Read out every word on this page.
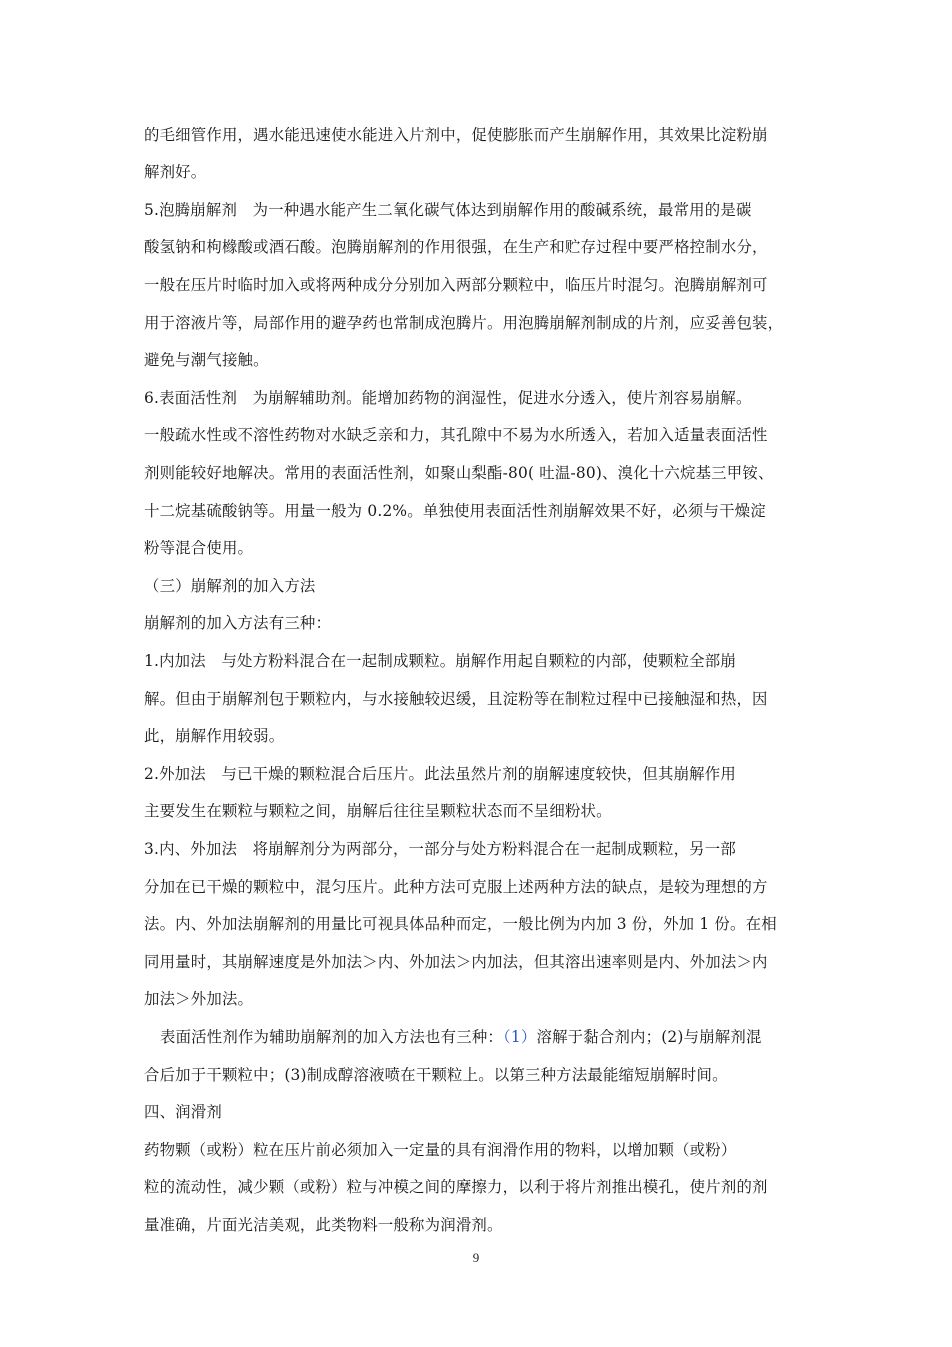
的毛细管作用，遇水能迅速使水能进入片剂中，促使膨胀而产生崩解作用，其效果比淀粉崩
解剂好。
5.泡腾崩解剂　为一种遇水能产生二氧化碳气体达到崩解作用的酸碱系统，最常用的是碳
酸氢钠和枸橼酸或酒石酸。泡腾崩解剂的作用很强，在生产和贮存过程中要严格控制水分，
一般在压片时临时加入或将两种成分分别加入两部分颗粒中，临压片时混匀。泡腾崩解剂可
用于溶液片等，局部作用的避孕药也常制成泡腾片。用泡腾崩解剂制成的片剂，应妥善包装，
避免与潮气接触。
6.表面活性剂　为崩解辅助剂。能增加药物的润湿性，促进水分透入，使片剂容易崩解。
一般疏水性或不溶性药物对水缺乏亲和力，其孔隙中不易为水所透入，若加入适量表面活性
剂则能较好地解决。常用的表面活性剂，如聚山梨酯-80( 吐温-80)、溴化十六烷基三甲铵、
十二烷基硫酸钠等。用量一般为 0.2%。单独使用表面活性剂崩解效果不好，必须与干燥淀
粉等混合使用。
（三）崩解剂的加入方法
崩解剂的加入方法有三种：
1.内加法　与处方粉料混合在一起制成颗粒。崩解作用起自颗粒的内部，使颗粒全部崩
解。但由于崩解剂包于颗粒内，与水接触较迟缓，且淀粉等在制粒过程中已接触湿和热，因
此，崩解作用较弱。
2.外加法　与已干燥的颗粒混合后压片。此法虽然片剂的崩解速度较快，但其崩解作用
主要发生在颗粒与颗粒之间，崩解后往往呈颗粒状态而不呈细粉状。
3.内、外加法　将崩解剂分为两部分，一部分与处方粉料混合在一起制成颗粒，另一部
分加在已干燥的颗粒中，混匀压片。此种方法可克服上述两种方法的缺点，是较为理想的方
法。内、外加法崩解剂的用量比可视具体品种而定，一般比例为内加 3 份，外加 1 份。在相
同用量时，其崩解速度是外加法＞内、外加法＞内加法，但其溶出速率则是内、外加法＞内
加法＞外加法。
表面活性剂作为辅助崩解剂的加入方法也有三种：（1）溶解于黏合剂内；(2)与崩解剂混
合后加于干颗粒中；(3)制成醇溶液喷在干颗粒上。以第三种方法最能缩短崩解时间。
四、润滑剂
药物颗（或粉）粒在压片前必须加入一定量的具有润滑作用的物料，以增加颗（或粉）
粒的流动性，减少颗（或粉）粒与冲模之间的摩擦力，以利于将片剂推出模孔，使片剂的剂
量准确，片面光洁美观，此类物料一般称为润滑剂。
9
